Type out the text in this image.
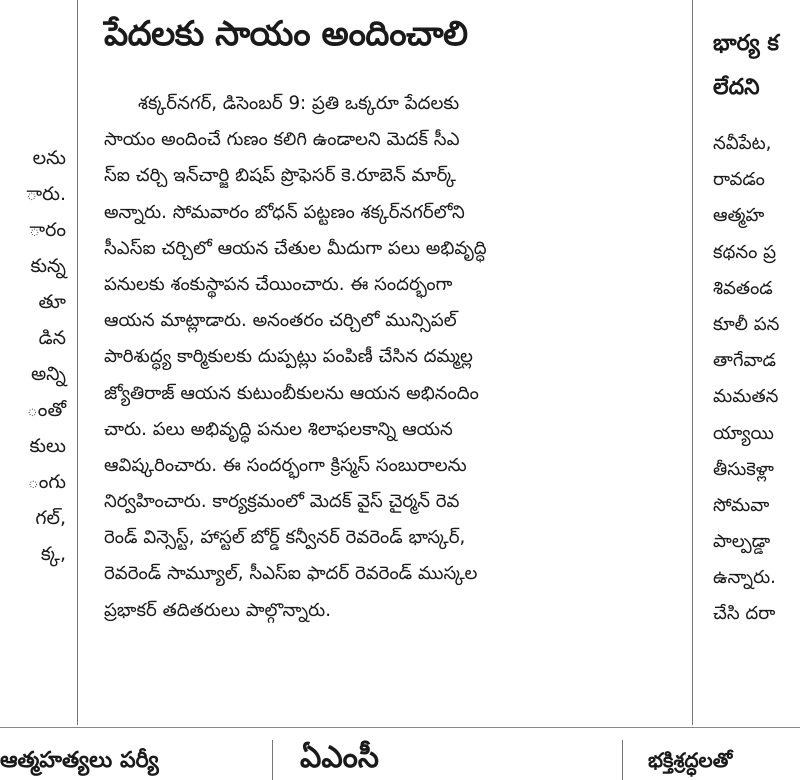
లను
ారు.
ారం
కున్న
తూ
డిన
అన్ని
ంతో
కులు
ంగు
గల్,
క్క,
పేదలకు సాయం అందించాలి
శక్కర్‌నగర్, డిసెంబర్ 9: ప్రతి ఒక్కరూ పేదలకు
సాయం అందించే గుణం కలిగి ఉండాలని మెదక్ సీఎ
స్ఐ చర్చి ఇన్‌చార్జి బిషప్ ప్రొఫెసర్ కె.రూబెన్ మార్క్
అన్నారు. సోమవారం బోధన్ పట్టణం శక్కర్‌నగర్‌లోని
సీఎస్ఐ చర్చిలో ఆయన చేతుల మీదుగా పలు అభివృద్ధి
పనులకు శంకుస్థాపన చేయించారు. ఈ సందర్భంగా
ఆయన మాట్లాడారు. అనంతరం చర్చిలో మున్సిపల్
పారిశుద్ధ్య కార్మికులకు దుప్పట్లు పంపిణీ చేసిన దమ్మల్ల
జ్యోతిరాజ్ ఆయన కుటుంబీకులను ఆయన అభినందిం
చారు. పలు అభివృద్ధి పనుల శిలాఫలకాన్ని ఆయన
ఆవిష్కరించారు. ఈ సందర్భంగా క్రిస్మస్ సంబురాలను
నిర్వహించారు. కార్యక్రమంలో మెదక్ వైస్ చైర్మన్ రెవ
రెండ్ విన్సెస్ట్, హాస్టల్ బోర్డ్ కన్వీనర్ రెవరెండ్ భాస్కర్,
రెవరెండ్ సామ్యూల్, సీఎస్ఐ ఫాదర్ రెవరెండ్ ముస్కల
ప్రభాకర్ తదితరులు పాల్గొన్నారు.
భార్య క
లేదని
నవీపేట,
రావడం
ఆత్మహ
కథనం ప్ర
శివతండ
కూలీ పన
తాగేవాడ
మమతన
య్యాయి
తీసుకెళ్లా
సోమవా
పాల్పడ్డా
ఉన్నారు.
చేసి దరా
ఆత్మహత్యలు పర్యీ	ఏఎంసీ	భక్తిశ్రద్ధలతో
